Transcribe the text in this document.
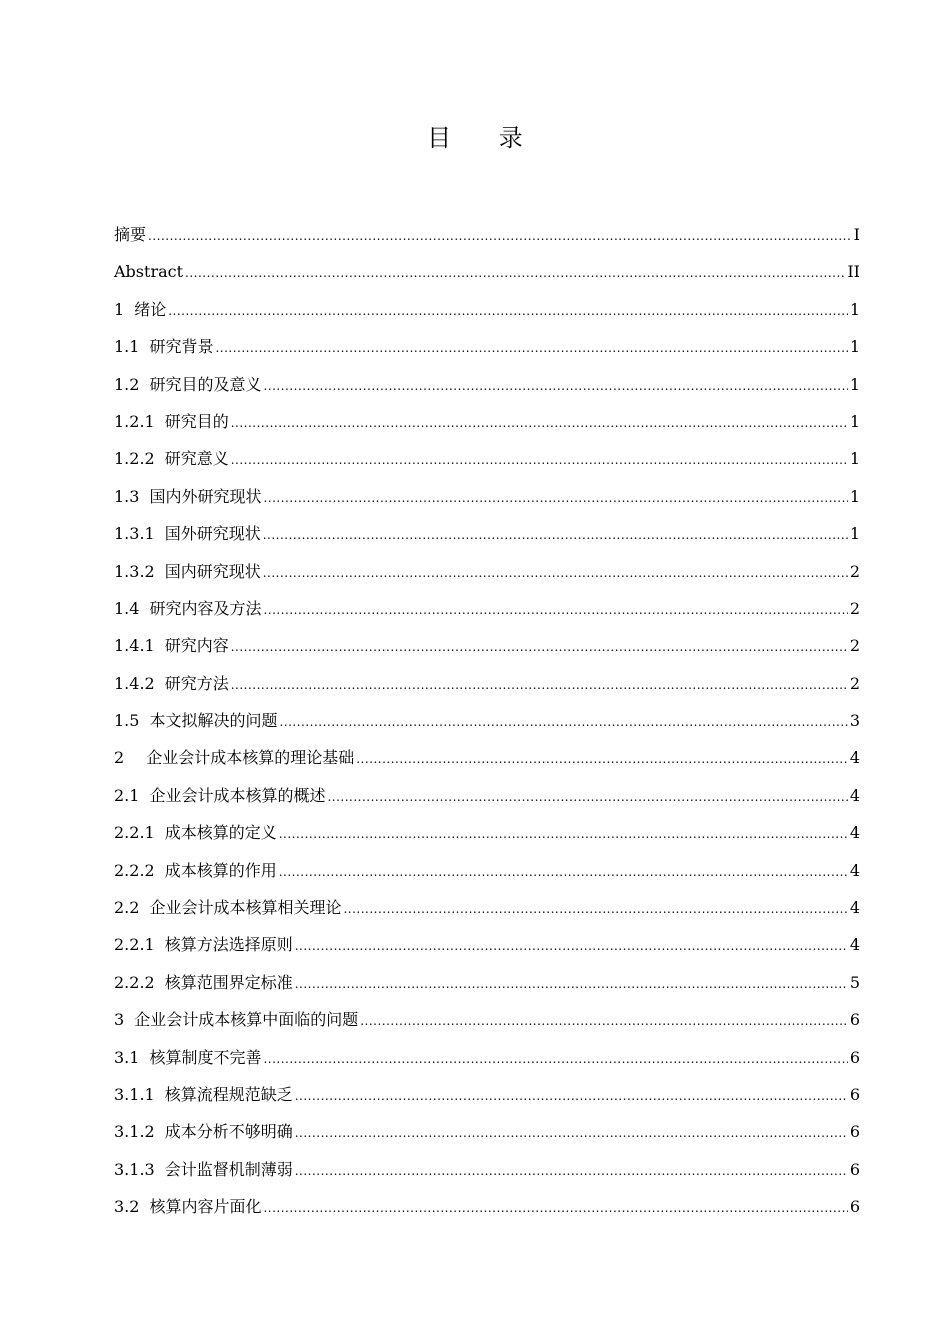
目 录
摘要 .....	I
Abstract .....	II
1 绪论 .....	1
1.1 研究背景 .....	1
1.2 研究目的及意义 .....	1
1.2.1 研究目的 .....	1
1.2.2 研究意义 .....	1
1.3 国内外研究现状 .....	1
1.3.1 国外研究现状 .....	1
1.3.2 国内研究现状 .....	2
1.4 研究内容及方法 .....	2
1.4.1 研究内容 .....	2
1.4.2 研究方法 .....	2
1.5 本文拟解决的问题 .....	3
2 企业会计成本核算的理论基础 .....	4
2.1 企业会计成本核算的概述 .....	4
2.2.1 成本核算的定义 .....	4
2.2.2 成本核算的作用 .....	4
2.2 企业会计成本核算相关理论 .....	4
2.2.1 核算方法选择原则 .....	4
2.2.2 核算范围界定标准 .....	5
3 企业会计成本核算中面临的问题 .....	6
3.1 核算制度不完善 .....	6
3.1.1 核算流程规范缺乏 .....	6
3.1.2 成本分析不够明确 .....	6
3.1.3 会计监督机制薄弱 .....	6
3.2 核算内容片面化 .....	6
